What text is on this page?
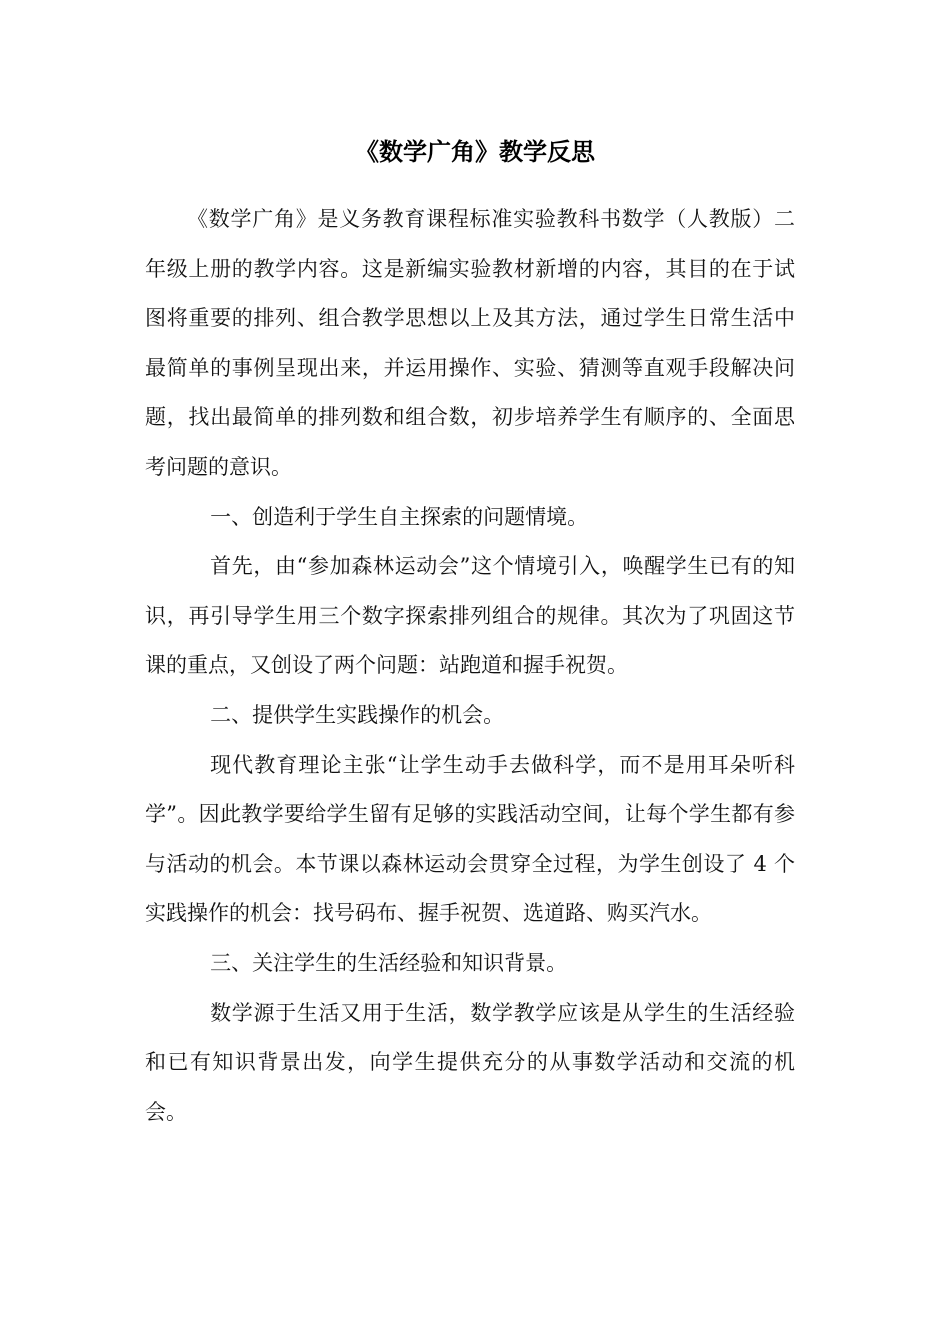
《数学广角》教学反思

《数学广角》是义务教育课程标准实验教科书数学（人教版）二年级上册的教学内容。这是新编实验教材新增的内容，其目的在于试图将重要的排列、组合教学思想以上及其方法，通过学生日常生活中最简单的事例呈现出来，并运用操作、实验、猜测等直观手段解决问题，找出最简单的排列数和组合数，初步培养学生有顺序的、全面思考问题的意识。

一、创造利于学生自主探索的问题情境。

首先，由“参加森林运动会”这个情境引入，唤醒学生已有的知识，再引导学生用三个数字探索排列组合的规律。其次为了巩固这节课的重点，又创设了两个问题：站跑道和握手祝贺。

二、提供学生实践操作的机会。

现代教育理论主张“让学生动手去做科学，而不是用耳朵听科学”。因此教学要给学生留有足够的实践活动空间，让每个学生都有参与活动的机会。本节课以森林运动会贯穿全过程，为学生创设了 4 个实践操作的机会：找号码布、握手祝贺、选道路、购买汽水。

三、关注学生的生活经验和知识背景。

数学源于生活又用于生活，数学教学应该是从学生的生活经验和已有知识背景出发，向学生提供充分的从事数学活动和交流的机会。
